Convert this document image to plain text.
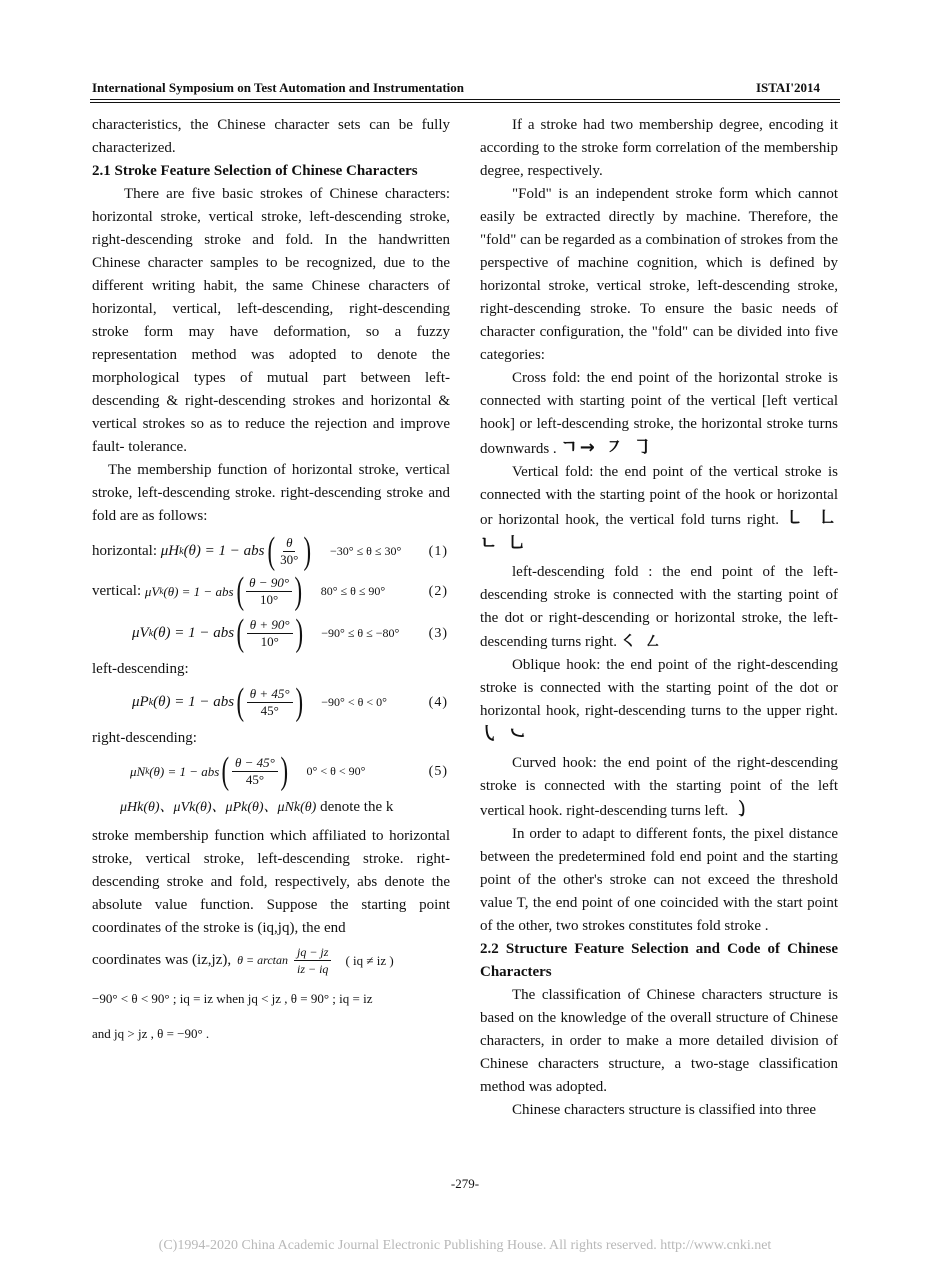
International Symposium on Test Automation and Instrumentation	ISTAI'2014

characteristics, the Chinese character sets can be fully characterized.

2.1 Stroke Feature Selection of Chinese Characters

There are five basic strokes of Chinese characters: horizontal stroke, vertical stroke, left-descending stroke, right-descending stroke and fold. In the handwritten Chinese character samples to be recognized, due to the different writing habit, the same Chinese characters of horizontal, vertical, left-descending, right-descending stroke form may have deformation, so a fuzzy representation method was adopted to denote the morphological types of mutual part between left-descending & right-descending strokes and horizontal & vertical strokes so as to reduce the rejection and improve fault- tolerance.

The membership function of horizontal stroke, vertical stroke, left-descending stroke. right-descending stroke and fold are as follows:

horizontal:
μH k (θ) = 1 − abs ( $\frac{\theta}{30^\circ}$ ) −30° ≤ θ ≤ 30° (1)
vertical:
μV k (θ) = 1 − abs ( $\frac{\theta - 90^\circ}{10^\circ}$ ) 80° ≤ θ ≤ 90°	(2)
μV k (θ) = 1 − abs ( $\frac{\theta + 90^\circ}{10^\circ}$ ) −90° ≤ θ ≤ −80° (3)

left-descending:

μP k (θ) = 1 − abs ( $\frac{\theta + 45^\circ}{45^\circ}$ ) −90° < θ < 0°	(4)

right-descending:

μN k (θ) = 1 − abs ( $\frac{\theta - 45^\circ}{45^\circ}$ ) 0° < θ < 90°	(5)

μHk(θ)、μVk(θ)、μPk(θ)、μNk(θ) denote the k

stroke membership function which affiliated to horizontal stroke, vertical stroke, left-descending stroke. right-descending stroke and fold, respectively, abs denote the absolute value function. Suppose the starting point coordinates of the stroke is (iq,jq), the end

coordinates was (iz,jz), $\theta = \arctan \frac{jq - jz}{iz - iq}$ ( iq ≠ iz )

−90° < θ < 90° ; iq = iz when jq < jz , θ = 90° ; iq = iz

and jq > jz , θ = −90° .

If a stroke had two membership degree, encoding it according to the stroke form correlation of the membership degree, respectively.

"Fold" is an independent stroke form which cannot easily be extracted directly by machine. Therefore, the "fold" can be regarded as a combination of strokes from the perspective of machine cognition, which is defined by horizontal stroke, vertical stroke, left-descending stroke, right-descending stroke. To ensure the basic needs of character configuration, the "fold" can be divided into five categories:

Cross fold: the end point of the horizontal stroke is connected with starting point of the vertical [left vertical hook] or left-descending stroke, the horizontal stroke turns downwards . ㄱ→ ㇇ ㇆

Vertical fold: the end point of the vertical stroke is connected with the starting point of the hook or horizontal or horizontal hook, the vertical fold turns right. ㇄ ㇗ ㄴ ㇟

left-descending fold : the end point of the left-descending stroke is connected with the starting point of the dot or right-descending or horizontal stroke, the left-descending turns right. ㇛ ㇜

Oblique hook: the end point of the right-descending stroke is connected with the starting point of the dot or horizontal hook, right-descending turns to the upper right. ㇂ ㇃

Curved hook: the end point of the right-descending stroke is connected with the starting point of the left vertical hook. right-descending turns left. ㇁

In order to adapt to different fonts, the pixel distance between the predetermined fold end point and the starting point of the other's stroke can not exceed the threshold value T, the end point of one coincided with the start point of the other, two strokes constitutes fold stroke .

2.2 Structure Feature Selection and Code of Chinese Characters

The classification of Chinese characters structure is based on the knowledge of the overall structure of Chinese characters, in order to make a more detailed division of Chinese characters structure, a two-stage classification method was adopted.

Chinese characters structure is classified into three

-279-
(C)1994-2020 China Academic Journal Electronic Publishing House. All rights reserved. http://www.cnki.net
